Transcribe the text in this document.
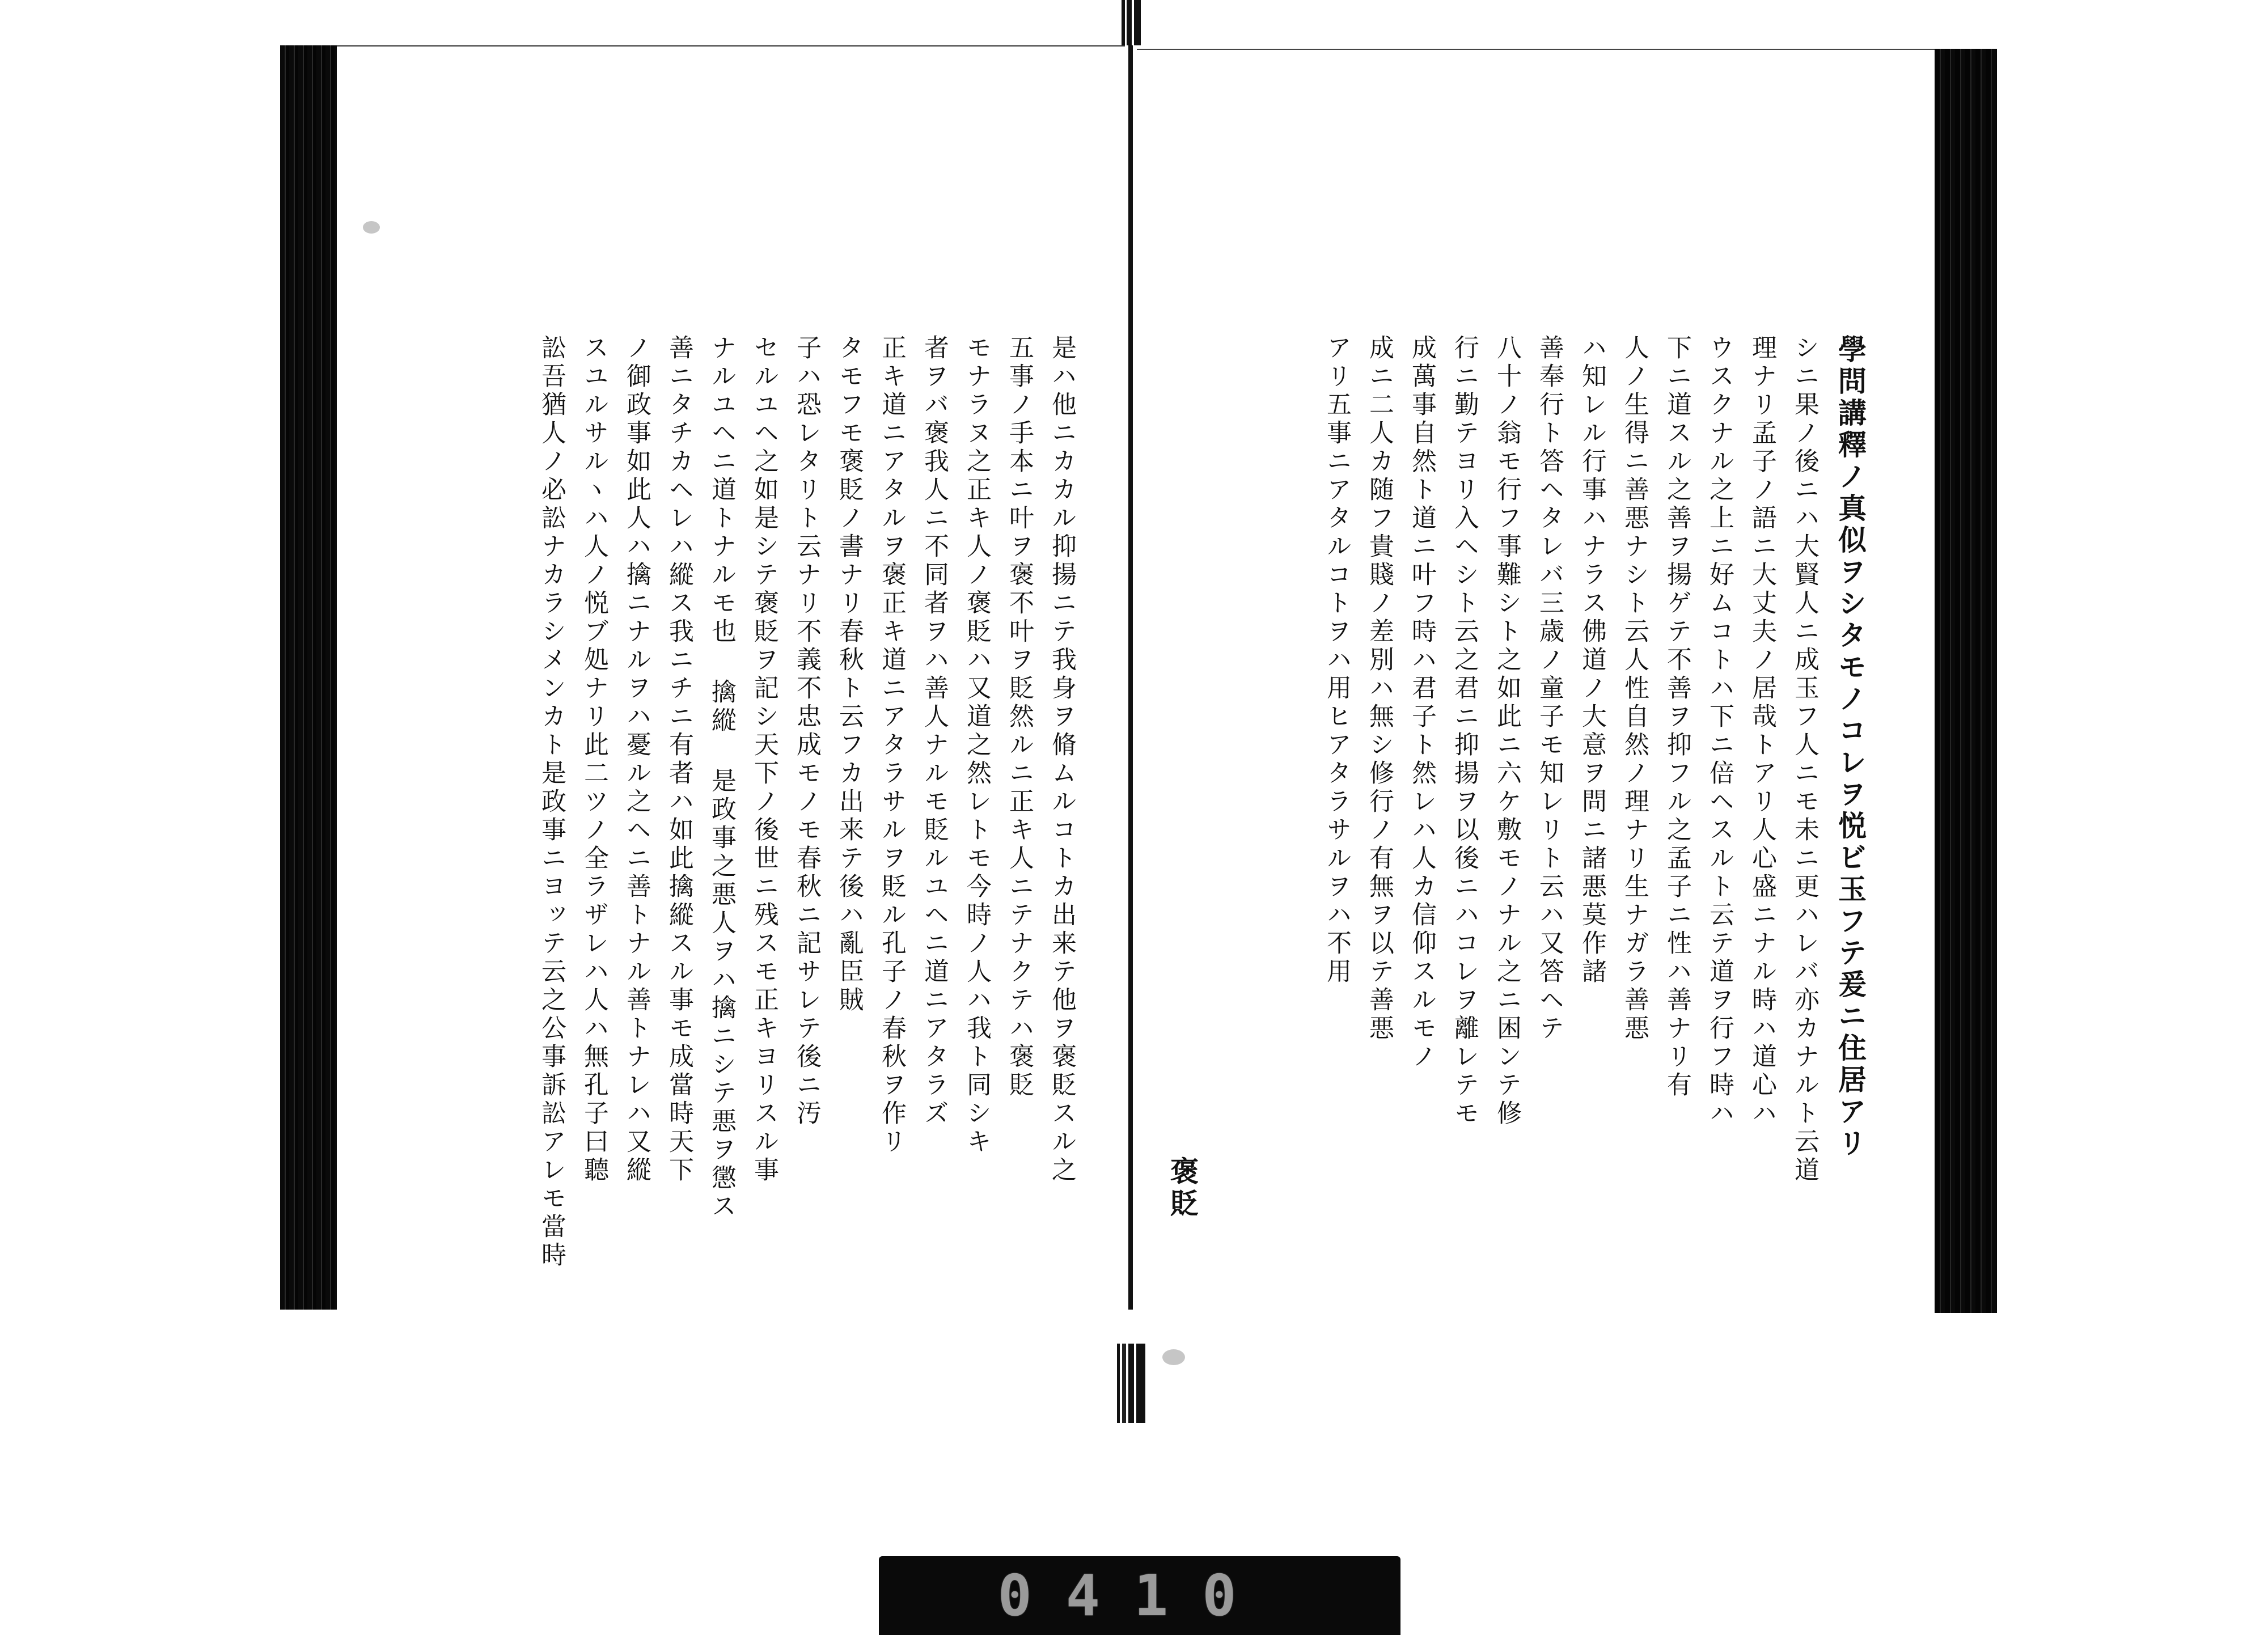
學問講釋ノ真似ヲシタモノコレヲ悦ビ玉フテ爰ニ住居アリ
シニ果ノ後ニハ大賢人ニ成玉フ人ニモ未ニ更ハレバ亦カナルト云道
理ナリ孟子ノ語ニ大丈夫ノ居哉トアリ人心盛ニナル時ハ道心ハ
ウスクナル之上ニ好ムコトハ下ニ倍ヘスルト云テ道ヲ行フ時ハ
下ニ道スル之善ヲ揚ゲテ不善ヲ抑フル之孟子ニ性ハ善ナリ有
人ノ生得ニ善悪ナシト云人性自然ノ理ナリ生ナガラ善悪
ハ知レル行事ハナラス佛道ノ大意ヲ問ニ諸悪莫作諸
善奉行ト答ヘタレバ三歳ノ童子モ知レリト云ハ又答ヘテ
八十ノ翁モ行フ事難シト之如此ニ六ケ敷モノナル之ニ困ンテ修
行ニ勤テヨリ入ヘシト云之君ニ抑揚ヲ以後ニハコレヲ離レテモ
成萬事自然ト道ニ叶フ時ハ君子ト然レハ人カ信仰スルモノ
成ニ二人カ随フ貴賤ノ差別ハ無シ修行ノ有無ヲ以テ善悪
アリ五事ニアタルコトヲハ用ヒアタラサルヲハ不用
褒貶
是ハ他ニカカル抑揚ニテ我身ヲ脩ムルコトカ出来テ他ヲ褒貶スル之
五事ノ手本ニ叶ヲ褒不叶ヲ貶然ルニ正キ人ニテナクテハ褒貶
モナラヌ之正キ人ノ褒貶ハ又道之然レトモ今時ノ人ハ我ト同シキ
者ヲバ褒我人ニ不同者ヲハ善人ナルモ貶ルユヘニ道ニアタラズ
正キ道ニアタルヲ褒正キ道ニアタラサルヲ貶ル孔子ノ春秋ヲ作リ
タモフモ褒貶ノ書ナリ春秋ト云フカ出来テ後ハ亂臣賊
子ハ恐レタリト云ナリ不義不忠成モノモ春秋ニ記サレテ後ニ汚
セルユヘ之如是シテ褒貶ヲ記シ天下ノ後世ニ残スモ正キヨリスル事
ナルユヘニ道トナルモ也 擒縱 是政事之悪人ヲハ擒ニシテ悪ヲ懲ス
善ニタチカヘレハ縱ス我ニチニ有者ハ如此擒縱スル事モ成當時天下
ノ御政事如此人ハ擒ニナルヲハ憂ル之ヘニ善トナル善トナレハ又縱
スユルサルヽハ人ノ悦ブ処ナリ此二ツノ全ラザレハ人ハ無孔子曰聽
訟吾猶人ノ必訟ナカラシメンカト是政事ニヨッテ云之公事訴訟アレモ當時
0410
